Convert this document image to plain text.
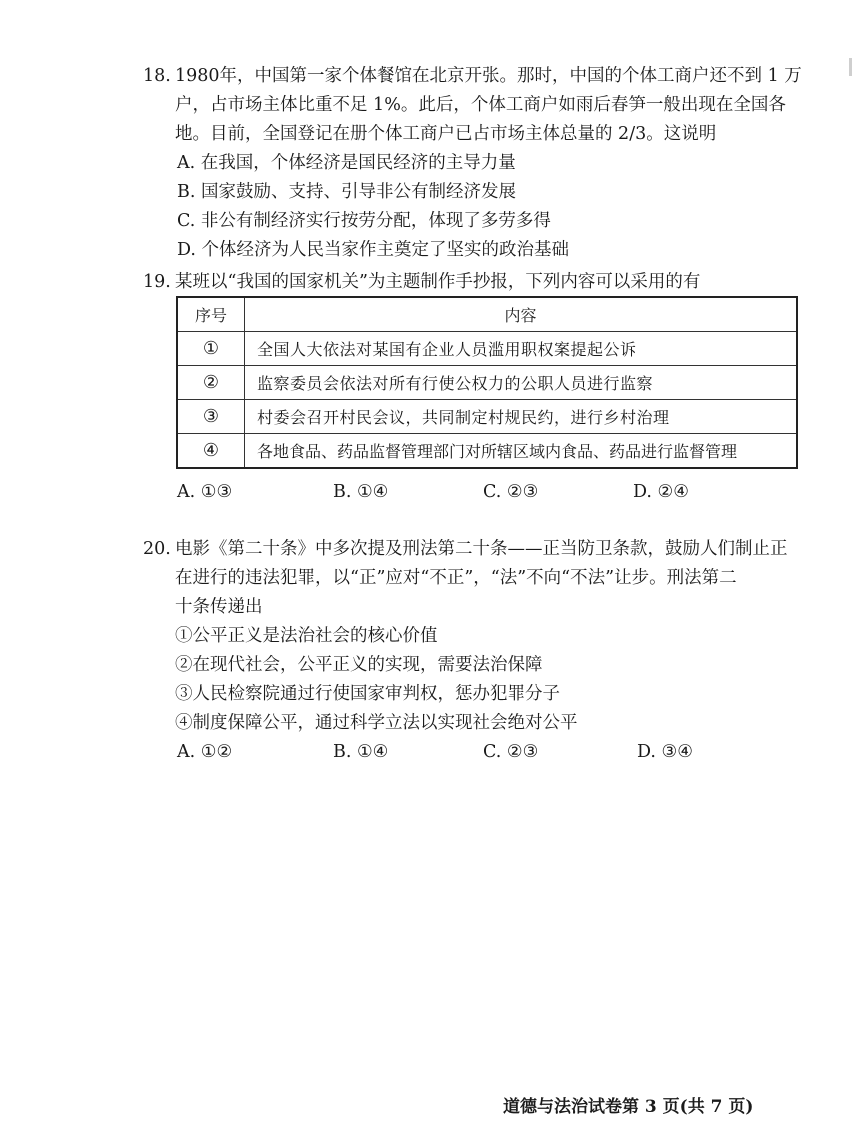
18. 1980年，中国第一家个体餐馆在北京开张。那时，中国的个体工商户还不到 1 万
户，占市场主体比重不足 1%。此后，个体工商户如雨后春笋一般出现在全国各
地。目前，全国登记在册个体工商户已占市场主体总量的 2/3。这说明
A. 在我国，个体经济是国民经济的主导力量
B. 国家鼓励、支持、引导非公有制经济发展
C. 非公有制经济实行按劳分配，体现了多劳多得
D. 个体经济为人民当家作主奠定了坚实的政治基础
19. 某班以“我国的国家机关”为主题制作手抄报，下列内容可以采用的有
序号	内容
①	全国人大依法对某国有企业人员滥用职权案提起公诉
②	监察委员会依法对所有行使公权力的公职人员进行监察
③	村委会召开村民会议，共同制定村规民约，进行乡村治理
④	各地食品、药品监督管理部门对所辖区域内食品、药品进行监督管理
A. ①③	B. ①④	C. ②③	D. ②④
20. 电影《第二十条》中多次提及刑法第二十条——正当防卫条款，鼓励人们制止正
在进行的违法犯罪，以“正”应对“不正”，“法”不向“不法”让步。刑法第二
十条传递出
①公平正义是法治社会的核心价值
②在现代社会，公平正义的实现，需要法治保障
③人民检察院通过行使国家审判权，惩办犯罪分子
④制度保障公平，通过科学立法以实现社会绝对公平
A. ①②	B. ①④	C. ②③	D. ③④
道德与法治试卷第 3 页(共 7 页)
